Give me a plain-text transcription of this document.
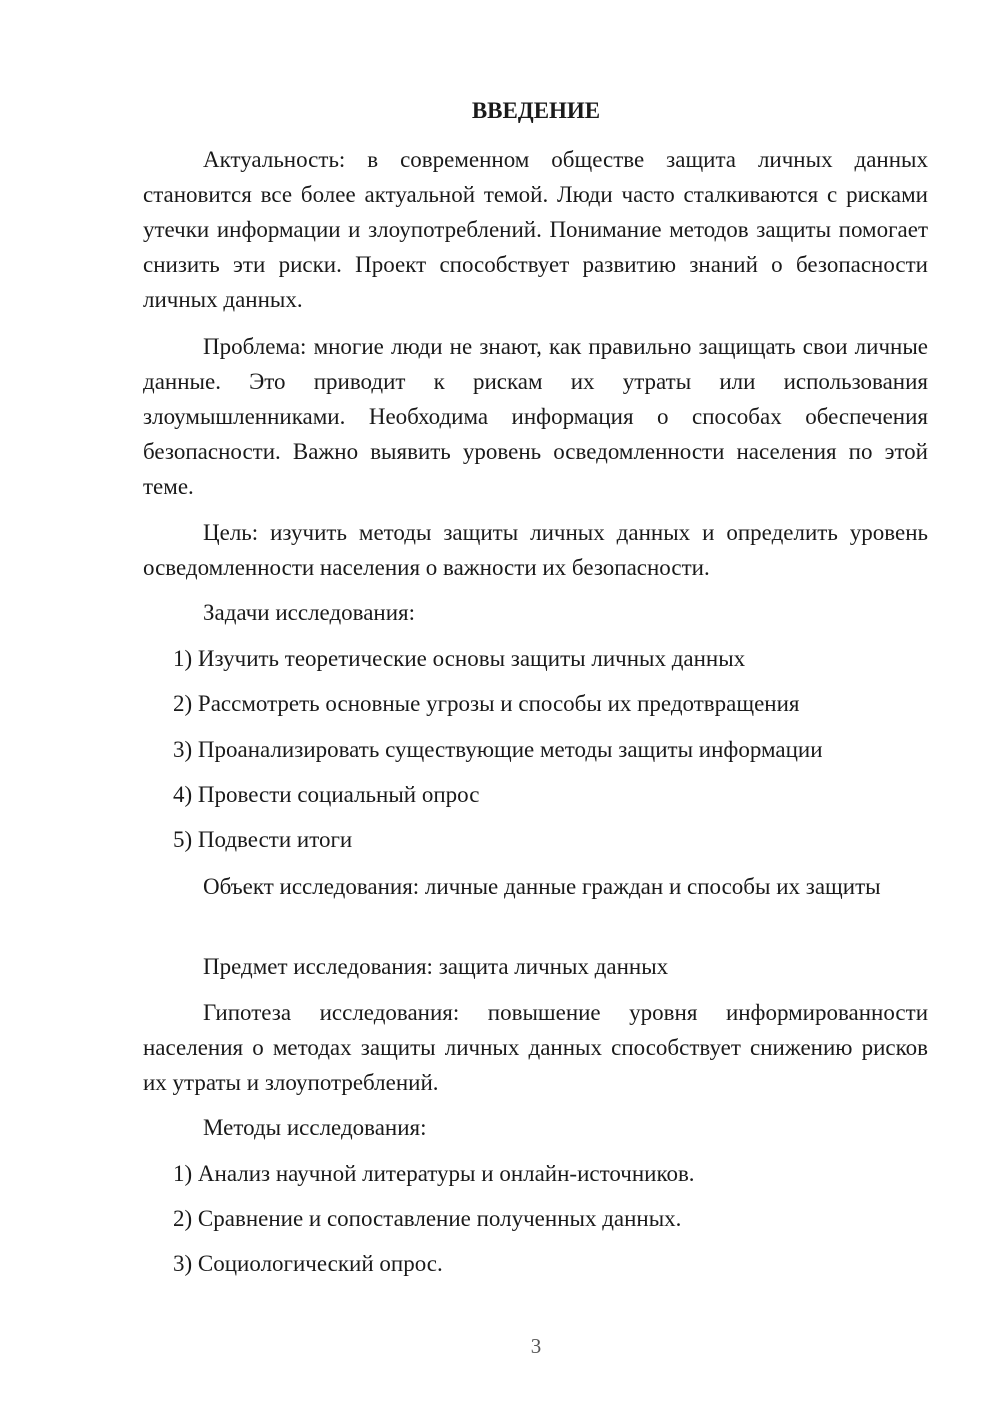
ВВЕДЕНИЕ

Актуальность: в современном обществе защита личных данных становится все более актуальной темой. Люди часто сталкиваются с рисками утечки информации и злоупотреблений. Понимание методов защиты помогает снизить эти риски. Проект способствует развитию знаний о безопасности личных данных.

Проблема: многие люди не знают, как правильно защищать свои личные данные. Это приводит к рискам их утраты или использования злоумышленниками. Необходима информация о способах обеспечения безопасности. Важно выявить уровень осведомленности населения по этой теме.

Цель: изучить методы защиты личных данных и определить уровень осведомленности населения о важности их безопасности.

Задачи исследования:

1) Изучить теоретические основы защиты личных данных

2) Рассмотреть основные угрозы и способы их предотвращения

3) Проанализировать существующие методы защиты информации

4) Провести социальный опрос

5) Подвести итоги

Объект исследования: личные данные граждан и способы их защиты

Предмет исследования: защита личных данных

Гипотеза исследования: повышение уровня информированности населения о методах защиты личных данных способствует снижению рисков их утраты и злоупотреблений.

Методы исследования:

1) Анализ научной литературы и онлайн-источников.

2) Сравнение и сопоставление полученных данных.

3) Социологический опрос.

3
